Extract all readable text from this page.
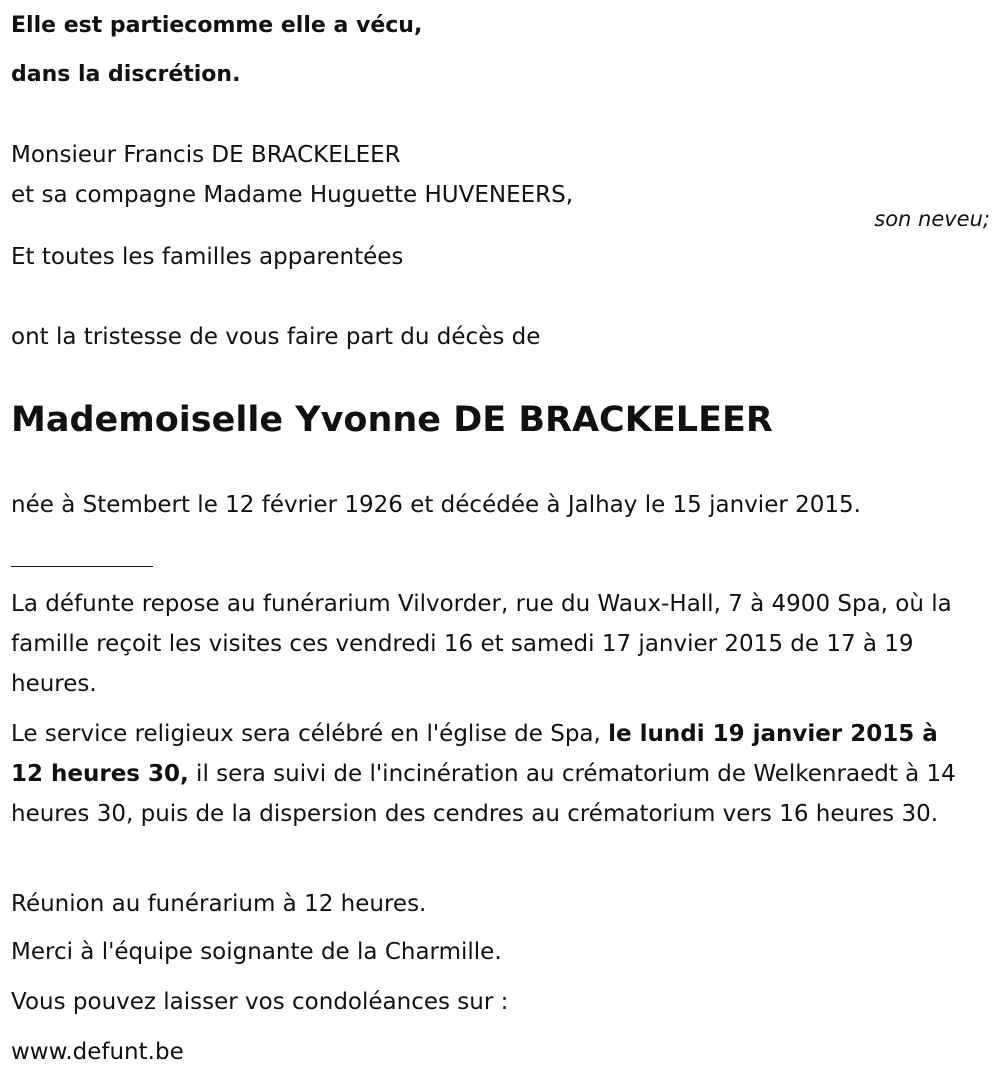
Elle est partiecomme elle a vécu,
dans la discrétion.
Monsieur Francis DE BRACKELEER
et sa compagne Madame Huguette HUVENEERS,
son neveu;
Et toutes les familles apparentées
ont la tristesse de vous faire part du décès de
Mademoiselle Yvonne DE BRACKELEER
née à Stembert le 12 février 1926 et décédée à Jalhay le 15 janvier 2015.
La défunte repose au funérarium Vilvorder, rue du Waux-Hall, 7 à 4900 Spa, où la famille reçoit les visites ces vendredi 16 et samedi 17 janvier 2015 de 17 à 19 heures.
Le service religieux sera célébré en l'église de Spa, le lundi 19 janvier 2015 à 12 heures 30, il sera suivi de l'incinération au crématorium de Welkenraedt à 14 heures 30, puis de la dispersion des cendres au crématorium vers 16 heures 30.
Réunion au funérarium à 12 heures.
Merci à l'équipe soignante de la Charmille.
Vous pouvez laisser vos condoléances sur :
www.defunt.be
